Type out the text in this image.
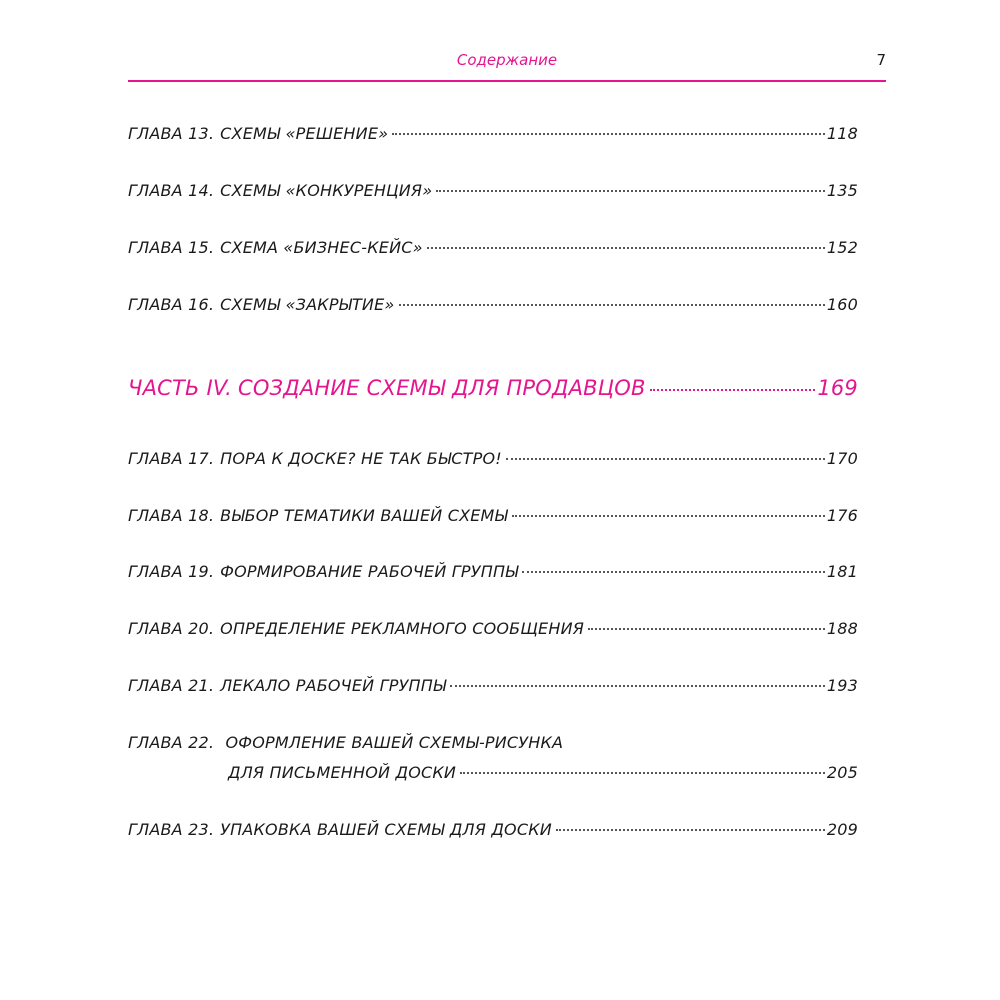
Содержание	7
ГЛАВА 13. СХЕМЫ «РЕШЕНИЕ»	118
ГЛАВА 14. СХЕМЫ «КОНКУРЕНЦИЯ»	135
ГЛАВА 15. СХЕМА «БИЗНЕС-КЕЙС»	152
ГЛАВА 16. СХЕМЫ «ЗАКРЫТИЕ»	160
ЧАСТЬ IV. СОЗДАНИЕ СХЕМЫ ДЛЯ ПРОДАВЦОВ	169
ГЛАВА 17. ПОРА К ДОСКЕ? НЕ ТАК БЫСТРО!	170
ГЛАВА 18. ВЫБОР ТЕМАТИКИ ВАШЕЙ СХЕМЫ	176
ГЛАВА 19. ФОРМИРОВАНИЕ РАБОЧЕЙ ГРУППЫ	181
ГЛАВА 20. ОПРЕДЕЛЕНИЕ РЕКЛАМНОГО СООБЩЕНИЯ	188
ГЛАВА 21. ЛЕКАЛО РАБОЧЕЙ ГРУППЫ	193
ГЛАВА 22. ОФОРМЛЕНИЕ ВАШЕЙ СХЕМЫ-РИСУНКА
ДЛЯ ПИСЬМЕННОЙ ДОСКИ	205
ГЛАВА 23. УПАКОВКА ВАШЕЙ СХЕМЫ ДЛЯ ДОСКИ	209
